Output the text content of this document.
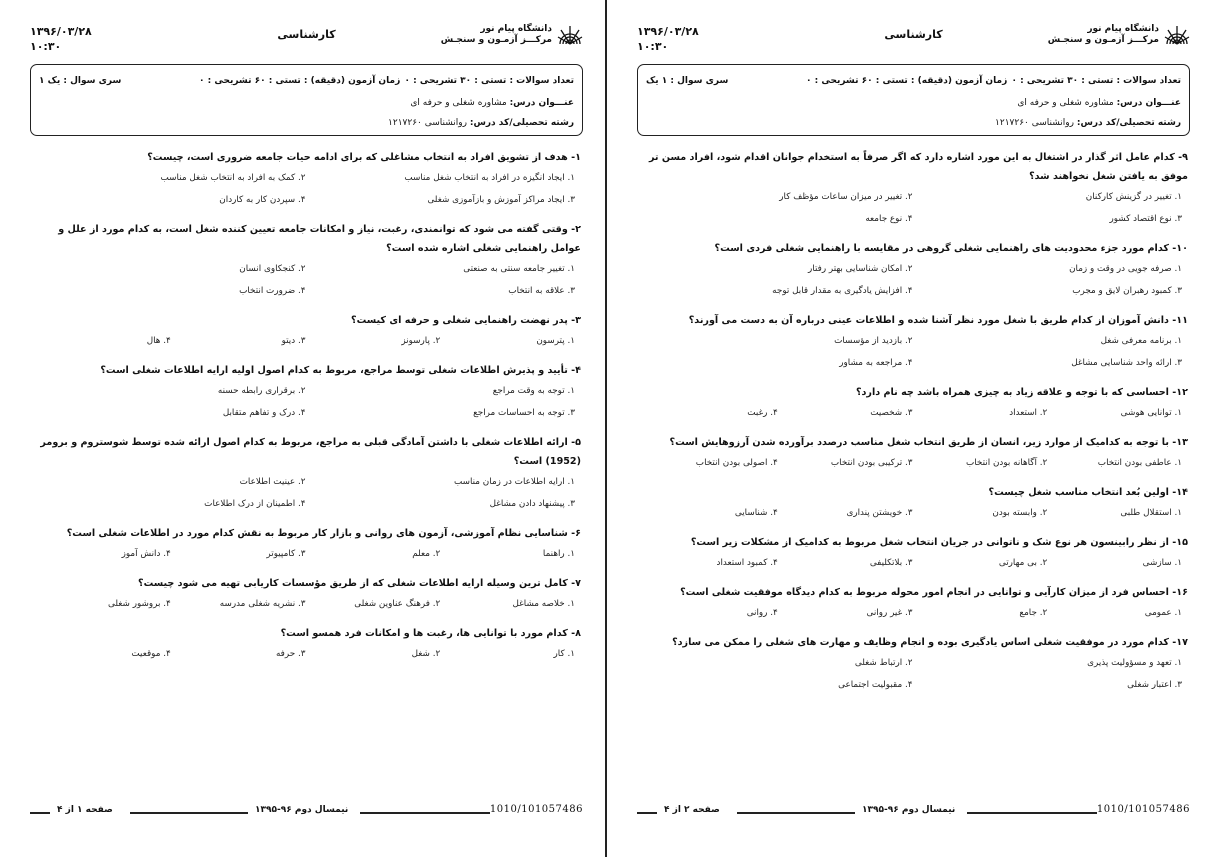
۱۳۹۶/۰۳/۲۸
۱۰:۳۰
کارشناسی	دانشگاه پیام نور
مرکـــز آزمـون و سنجـش
سری سوال : یک ۱	زمان آزمون (دقیقه) : تستی : ۶۰ تشریحی : ۰ تعداد سوالات : تستی : ۳۰ تشریحی : ۰
عنـــوان درس: مشاوره شغلی و حرفه ای
رشته تحصیلی/کد درس: روانشناسی ۱۲۱۷۲۶۰
۱- هدف از تشویق افراد به انتخاب مشاغلی که برای ادامه حیات جامعه ضروری است، چیست؟
۱. ایجاد انگیزه در افراد به انتخاب شغل مناسب
۲. کمک به افراد به انتخاب شغل مناسب
۳. ایجاد مراکز آموزش و بازآموزی شغلی
۴. سپردن کار به کاردان
۲- وقتی گفته می شود که توانمندی، رغبت، نیاز و امکانات جامعه تعیین کننده شغل است، به کدام مورد از علل و عوامل راهنمایی شغلی اشاره شده است؟
۱. تغییر جامعه سنتی به صنعتی
۲. کنجکاوی انسان
۳. علاقه به انتخاب
۴. ضرورت انتخاب
۳- پدر نهضت راهنمایی شغلی و حرفه ای کیست؟
۱. پترسون
۲. پارسونز
۳. دیتو
۴. هال
۴- تأیید و پذیرش اطلاعات شغلی توسط مراجع، مربوط به کدام اصول اولیه ارایه اطلاعات شغلی است؟
۱. توجه به وقت مراجع
۲. برقراری رابطه حسنه
۳. توجه به احساسات مراجع
۴. درک و تفاهم متقابل
۵- ارائه اطلاعات شغلی با داشتن آمادگی قبلی به مراجع، مربوط به کدام اصول ارائه شده توسط شوستروم و برومر (1952) است؟
۱. ارایه اطلاعات در زمان مناسب
۲. عینیت اطلاعات
۳. پیشنهاد دادن مشاغل
۴. اطمینان از درک اطلاعات
۶- شناسایی نظام آموزشی، آزمون های روانی و بازار کار مربوط به نقش کدام مورد در اطلاعات شغلی است؟
۱. راهنما
۲. معلم
۳. کامپیوتر
۴. دانش آموز
۷- کامل ترین وسیله ارایه اطلاعات شغلی که از طریق مؤسسات کاریابی تهیه می شود چیست؟
۱. خلاصه مشاغل
۲. فرهنگ عناوین شغلی
۳. نشریه شغلی مدرسه
۴. بروشور شغلی
۸- کدام مورد با توانایی ها، رغبت ها و امکانات فرد همسو است؟
۱. کار
۲. شغل
۳. حرفه
۴. موقعیت
صفحه ۱ از ۴	نیمسال دوم ۹۶-۱۳۹۵	1010/101057486
۱۳۹۶/۰۳/۲۸
۱۰:۳۰
کارشناسی	دانشگاه پیام نور
مرکـــز آزمـون و سنجـش
سری سوال : ۱ یک	زمان آزمون (دقیقه) : تستی : ۶۰ تشریحی : ۰ تعداد سوالات : تستی : ۳۰ تشریحی : ۰
عنـــوان درس: مشاوره شغلی و حرفه ای
رشته تحصیلی/کد درس: روانشناسی ۱۲۱۷۲۶۰
۹- کدام عامل اثر گذار در اشتغال به این مورد اشاره دارد که اگر صرفاً به استخدام جوانان اقدام شود، افراد مسن تر موفق به یافتن شغل نخواهند شد؟
۱. تغییر در گزینش کارکنان
۲. تغییر در میزان ساعات مؤظف کار
۳. نوع اقتصاد کشور
۴. نوع جامعه
۱۰- کدام مورد جزء محدودیت های راهنمایی شغلی گروهی در مقایسه با راهنمایی شغلی فردی است؟
۱. صرفه جویی در وقت و زمان
۲. امکان شناسایی بهتر رفتار
۳. کمبود رهبران لایق و مجرب
۴. افزایش یادگیری به مقدار قابل توجه
۱۱- دانش آموزان از کدام طریق با شغل مورد نظر آشنا شده و اطلاعات عینی درباره آن به دست می آورند؟
۱. برنامه معرفی شغل
۲. بازدید از مؤسسات
۳. ارائه واحد شناسایی مشاغل
۴. مراجعه به مشاور
۱۲- احساسی که با توجه و علاقه زیاد به چیزی همراه باشد چه نام دارد؟
۱. توانایی هوشی
۲. استعداد
۳. شخصیت
۴. رغبت
۱۳- با توجه به کدامیک از موارد زیر، انسان از طریق انتخاب شغل مناسب درصدد برآورده شدن آرزوهایش است؟
۱. عاطفی بودن انتخاب
۲. آگاهانه بودن انتخاب
۳. ترکیبی بودن انتخاب
۴. اصولی بودن انتخاب
۱۴- اولین بُعد انتخاب مناسب شغل چیست؟
۱. استقلال طلبی
۲. وابسته بودن
۳. خویشتن پنداری
۴. شناسایی
۱۵- از نظر رابینسون هر نوع شک و ناتوانی در جریان انتخاب شغل مربوط به کدامیک از مشکلات زیر است؟
۱. سازشی
۲. بی مهارتی
۳. بلاتکلیفی
۴. کمبود استعداد
۱۶- احساس فرد از میزان کارآیی و توانایی در انجام امور محوله مربوط به کدام دیدگاه موفقیت شغلی است؟
۱. عمومی
۲. جامع
۳. غیر روانی
۴. روانی
۱۷- کدام مورد در موفقیت شغلی اساس یادگیری بوده و انجام وظایف و مهارت های شغلی را ممکن می سازد؟
۱. تعهد و مسؤولیت پذیری
۲. ارتباط شغلی
۳. اعتبار شغلی
۴. مقبولیت اجتماعی
صفحه ۲ از ۴	نیمسال دوم ۹۶-۱۳۹۵	1010/101057486
